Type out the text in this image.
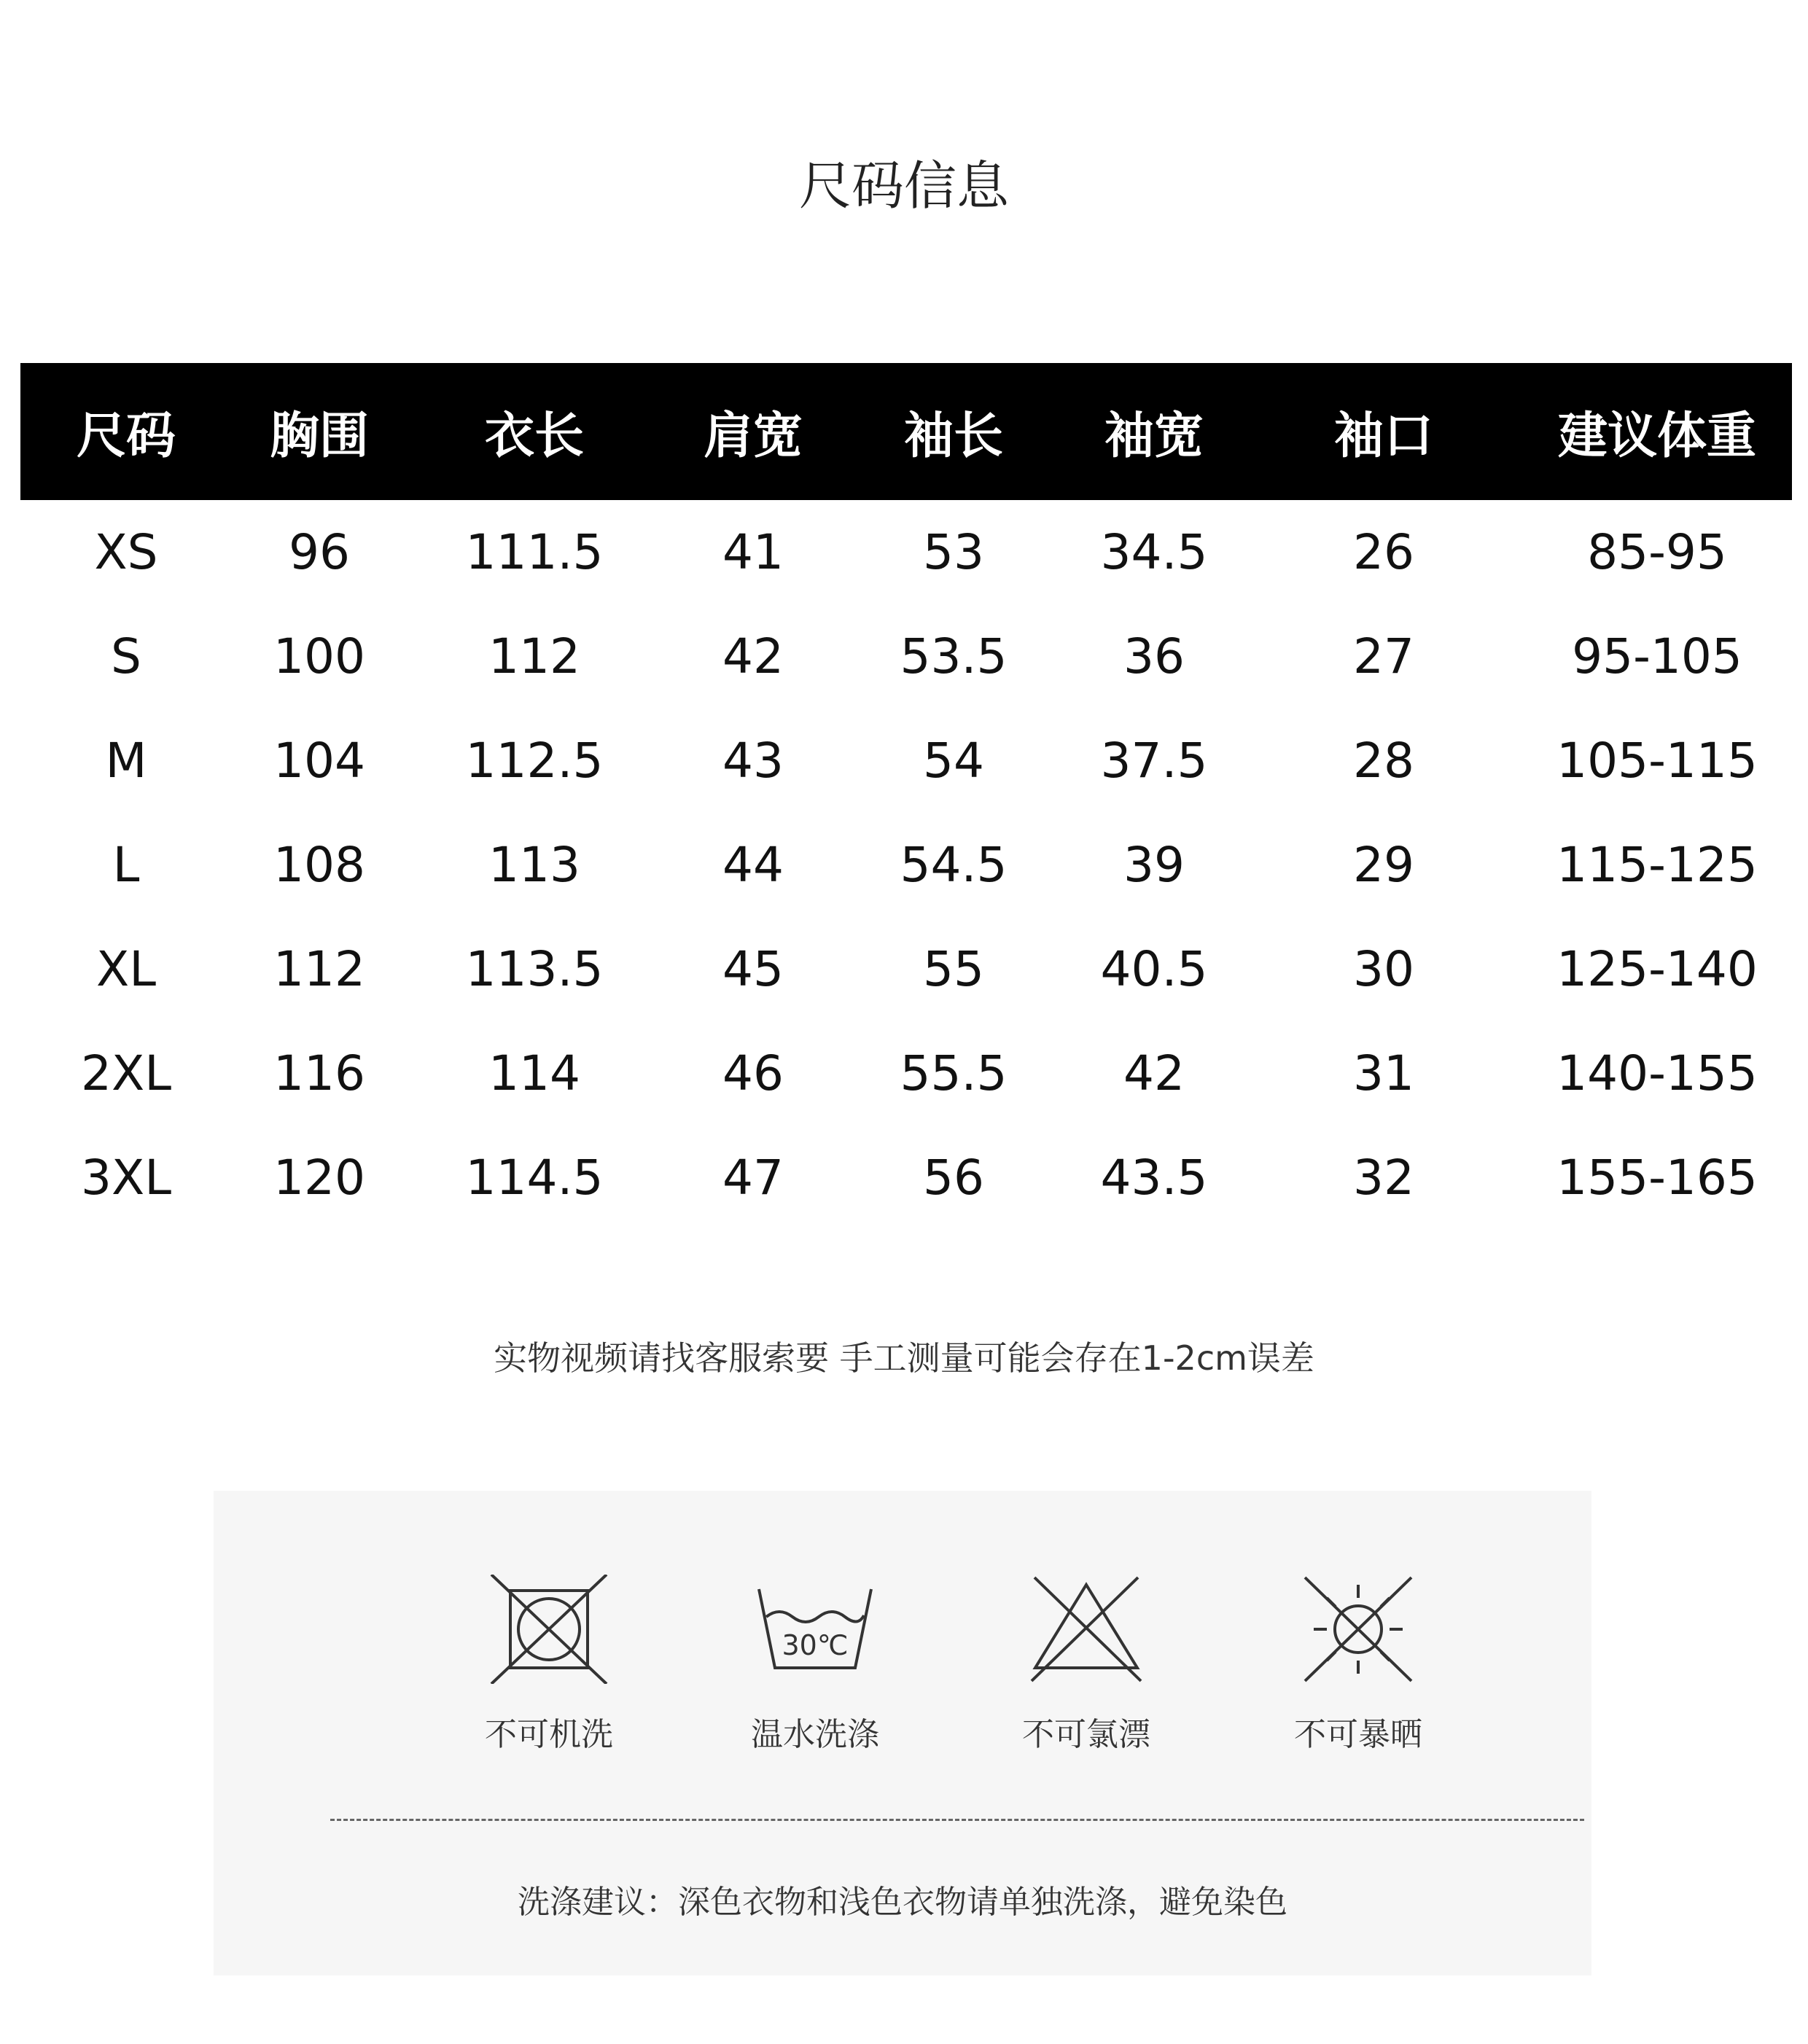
尺码信息
尺码	胸围	衣长	肩宽	袖长	袖宽	袖口	建议体重
XS	96	111.5	41	53	34.5	26	85-95
S	100	112	42	53.5	36	27	95-105
M	104	112.5	43	54	37.5	28	105-115
L	108	113	44	54.5	39	29	115-125
XL	112	113.5	45	55	40.5	30	125-140
2XL	116	114	46	55.5	42	31	140-155
3XL	120	114.5	47	56	43.5	32	155-165
实物视频请找客服索要 手工测量可能会存在1-2cm误差
不可机洗
30℃
温水洗涤	不可氯漂	不可暴晒
洗涤建议：深色衣物和浅色衣物请单独洗涤，避免染色
